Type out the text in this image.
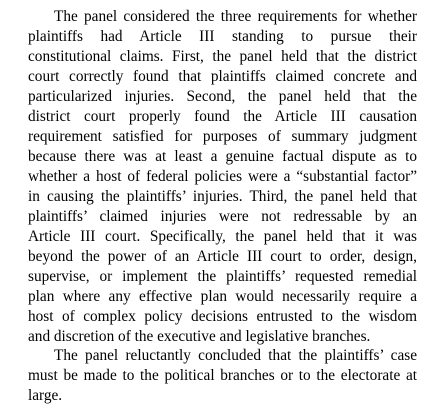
The panel considered the three requirements for whether

plaintiffs had Article III standing to pursue their

constitutional claims. First, the panel held that the district

court correctly found that plaintiffs claimed concrete and

particularized injuries. Second, the panel held that the

district court properly found the Article III causation

requirement satisfied for purposes of summary judgment

because there was at least a genuine factual dispute as to

whether a host of federal policies were a “substantial factor”

in causing the plaintiffs’ injuries. Third, the panel held that

plaintiffs’ claimed injuries were not redressable by an

Article III court. Specifically, the panel held that it was

beyond the power of an Article III court to order, design,

supervise, or implement the plaintiffs’ requested remedial

plan where any effective plan would necessarily require a

host of complex policy decisions entrusted to the wisdom

and discretion of the executive and legislative branches.

The panel reluctantly concluded that the plaintiffs’ case

must be made to the political branches or to the electorate at

large.
